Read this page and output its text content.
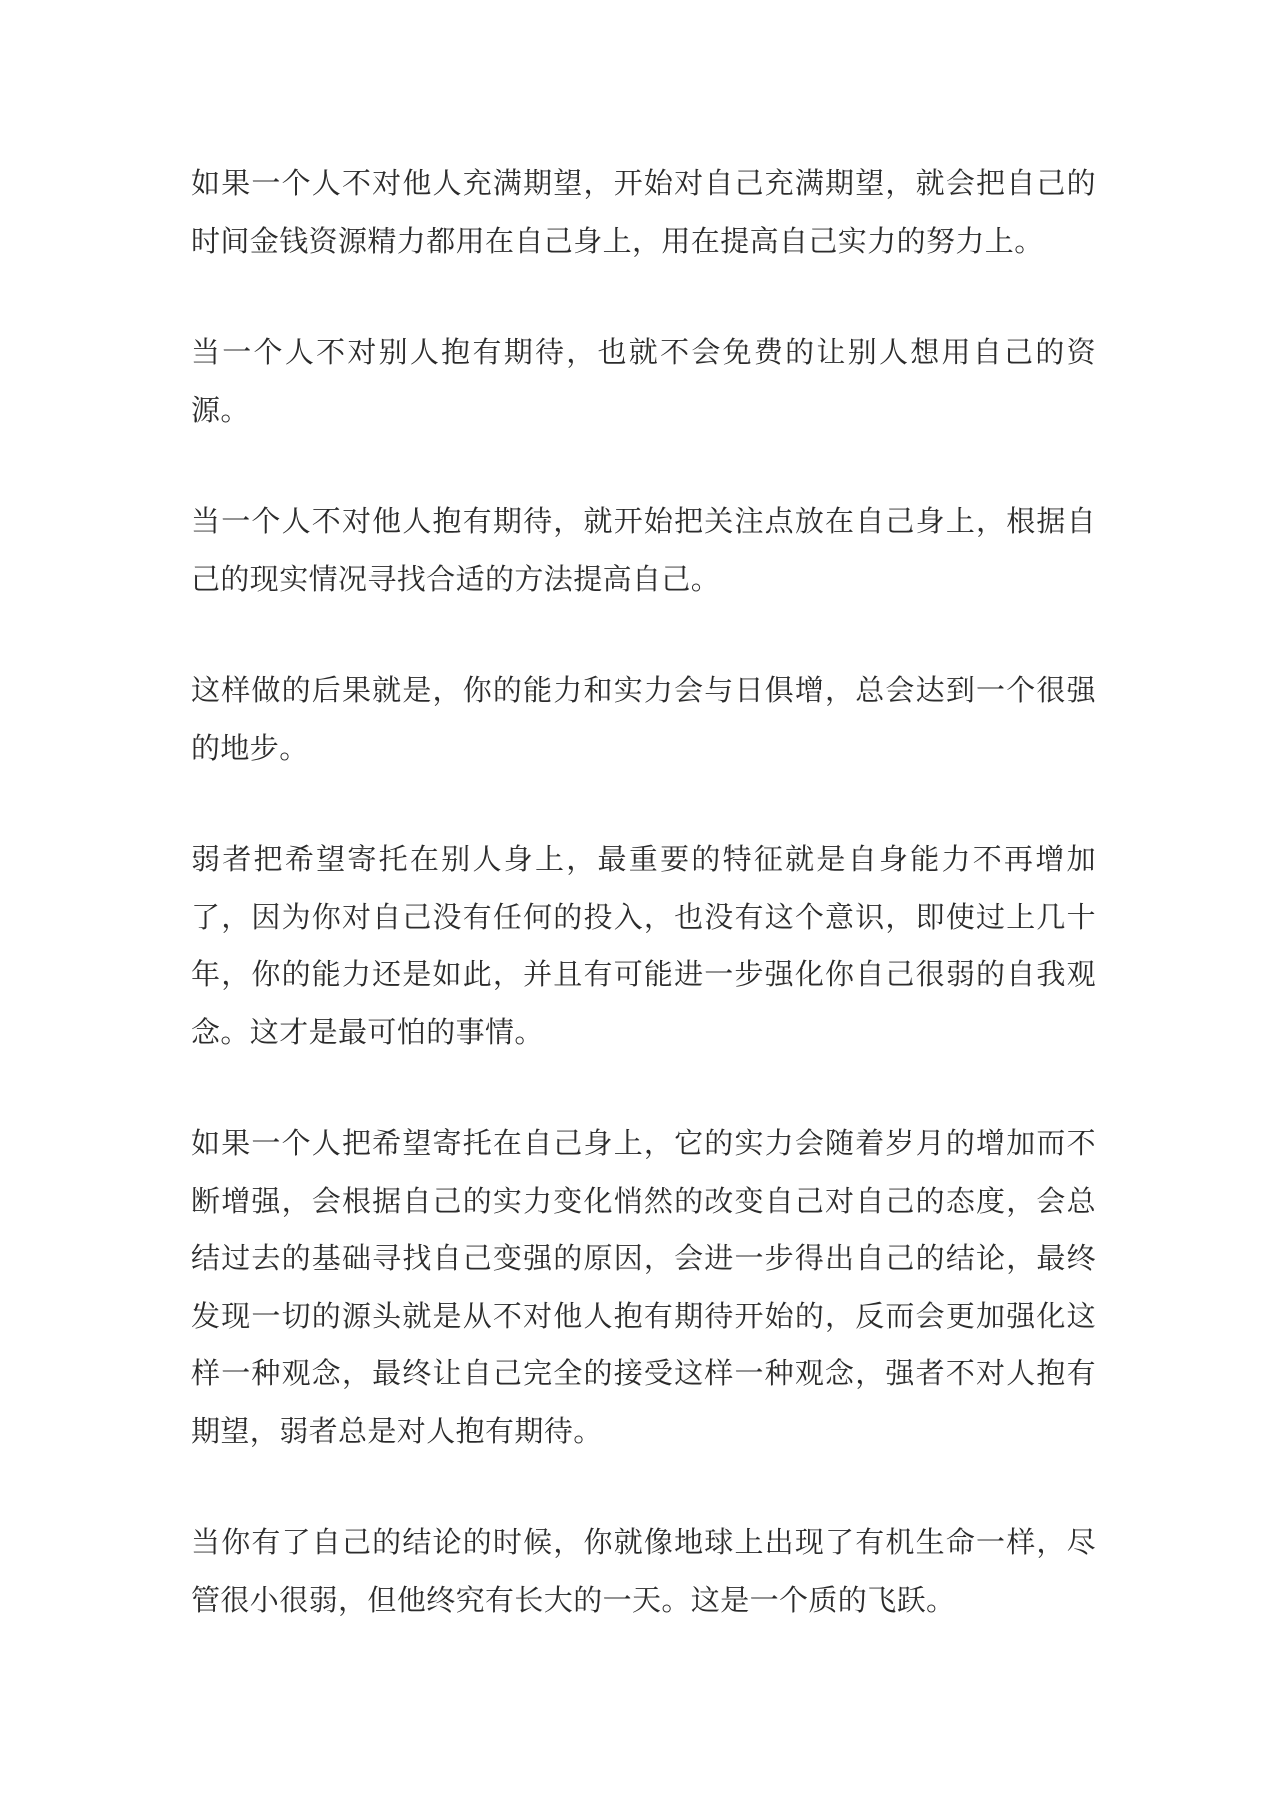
如果一个人不对他人充满期望，开始对自己充满期望，就会把自己的时间金钱资源精力都用在自己身上，用在提高自己实力的努力上。

当一个人不对别人抱有期待，也就不会免费的让别人想用自己的资源。

当一个人不对他人抱有期待，就开始把关注点放在自己身上，根据自己的现实情况寻找合适的方法提高自己。

这样做的后果就是，你的能力和实力会与日俱增，总会达到一个很强的地步。

弱者把希望寄托在别人身上，最重要的特征就是自身能力不再增加了，因为你对自己没有任何的投入，也没有这个意识，即使过上几十年，你的能力还是如此，并且有可能进一步强化你自己很弱的自我观念。这才是最可怕的事情。

如果一个人把希望寄托在自己身上，它的实力会随着岁月的增加而不断增强，会根据自己的实力变化悄然的改变自己对自己的态度，会总结过去的基础寻找自己变强的原因，会进一步得出自己的结论，最终发现一切的源头就是从不对他人抱有期待开始的，反而会更加强化这样一种观念，最终让自己完全的接受这样一种观念，强者不对人抱有期望，弱者总是对人抱有期待。

当你有了自己的结论的时候，你就像地球上出现了有机生命一样，尽管很小很弱，但他终究有长大的一天。这是一个质的飞跃。
